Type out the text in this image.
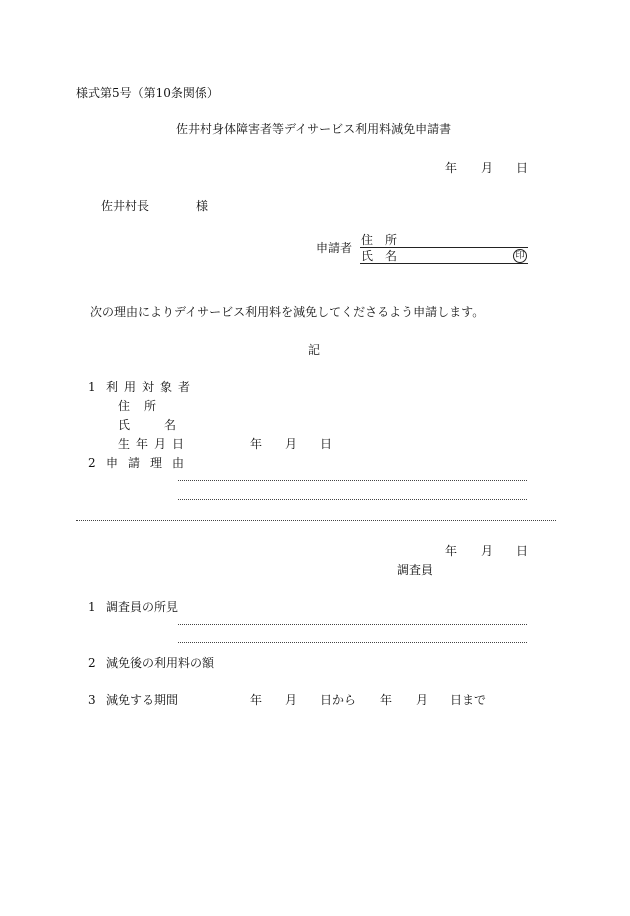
様式第5号（第10条関係）
佐井村身体障害者等デイサービス利用料減免申請書
年 月 日
佐井村長	様
申請者
住　所
氏　名	印
次の理由によりデイサービス利用料を減免してくださるよう申請します。
記
1 利用対象者
住所
氏名
生年月日	年 月 日
2 申請理由
年 月 日
調査員
1 調査員の所見
2 減免後の利用料の額
3 減免する期間	年 月 日から 年 月 日まで
